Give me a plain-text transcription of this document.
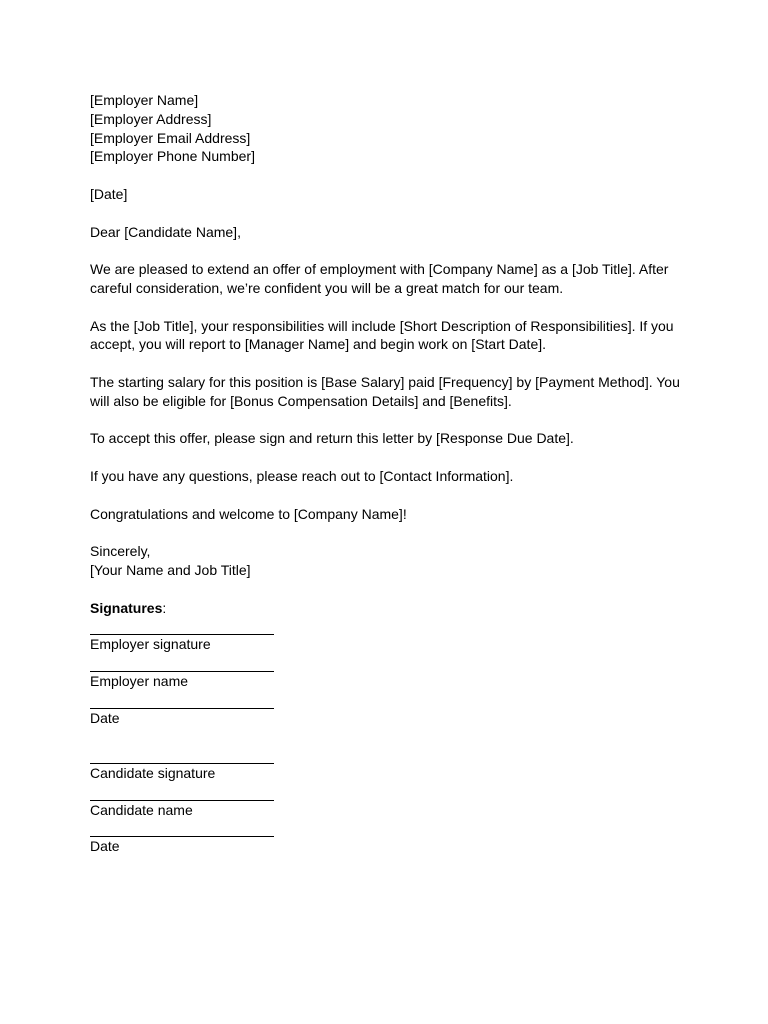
[Employer Name]

[Employer Address]

[Employer Email Address]

[Employer Phone Number]

[Date]

Dear [Candidate Name],

We are pleased to extend an offer of employment with [Company Name] as a [Job Title]. After careful consideration, we’re confident you will be a great match for our team.

As the [Job Title], your responsibilities will include [Short Description of Responsibilities]. If you accept, you will report to [Manager Name] and begin work on [Start Date].

The starting salary for this position is [Base Salary] paid [Frequency] by [Payment Method]. You will also be eligible for [Bonus Compensation Details] and [Benefits].

To accept this offer, please sign and return this letter by [Response Due Date].

If you have any questions, please reach out to [Contact Information].

Congratulations and welcome to [Company Name]!

Sincerely,

[Your Name and Job Title]

Signatures:

Employer signature

Employer name

Date

Candidate signature

Candidate name

Date
